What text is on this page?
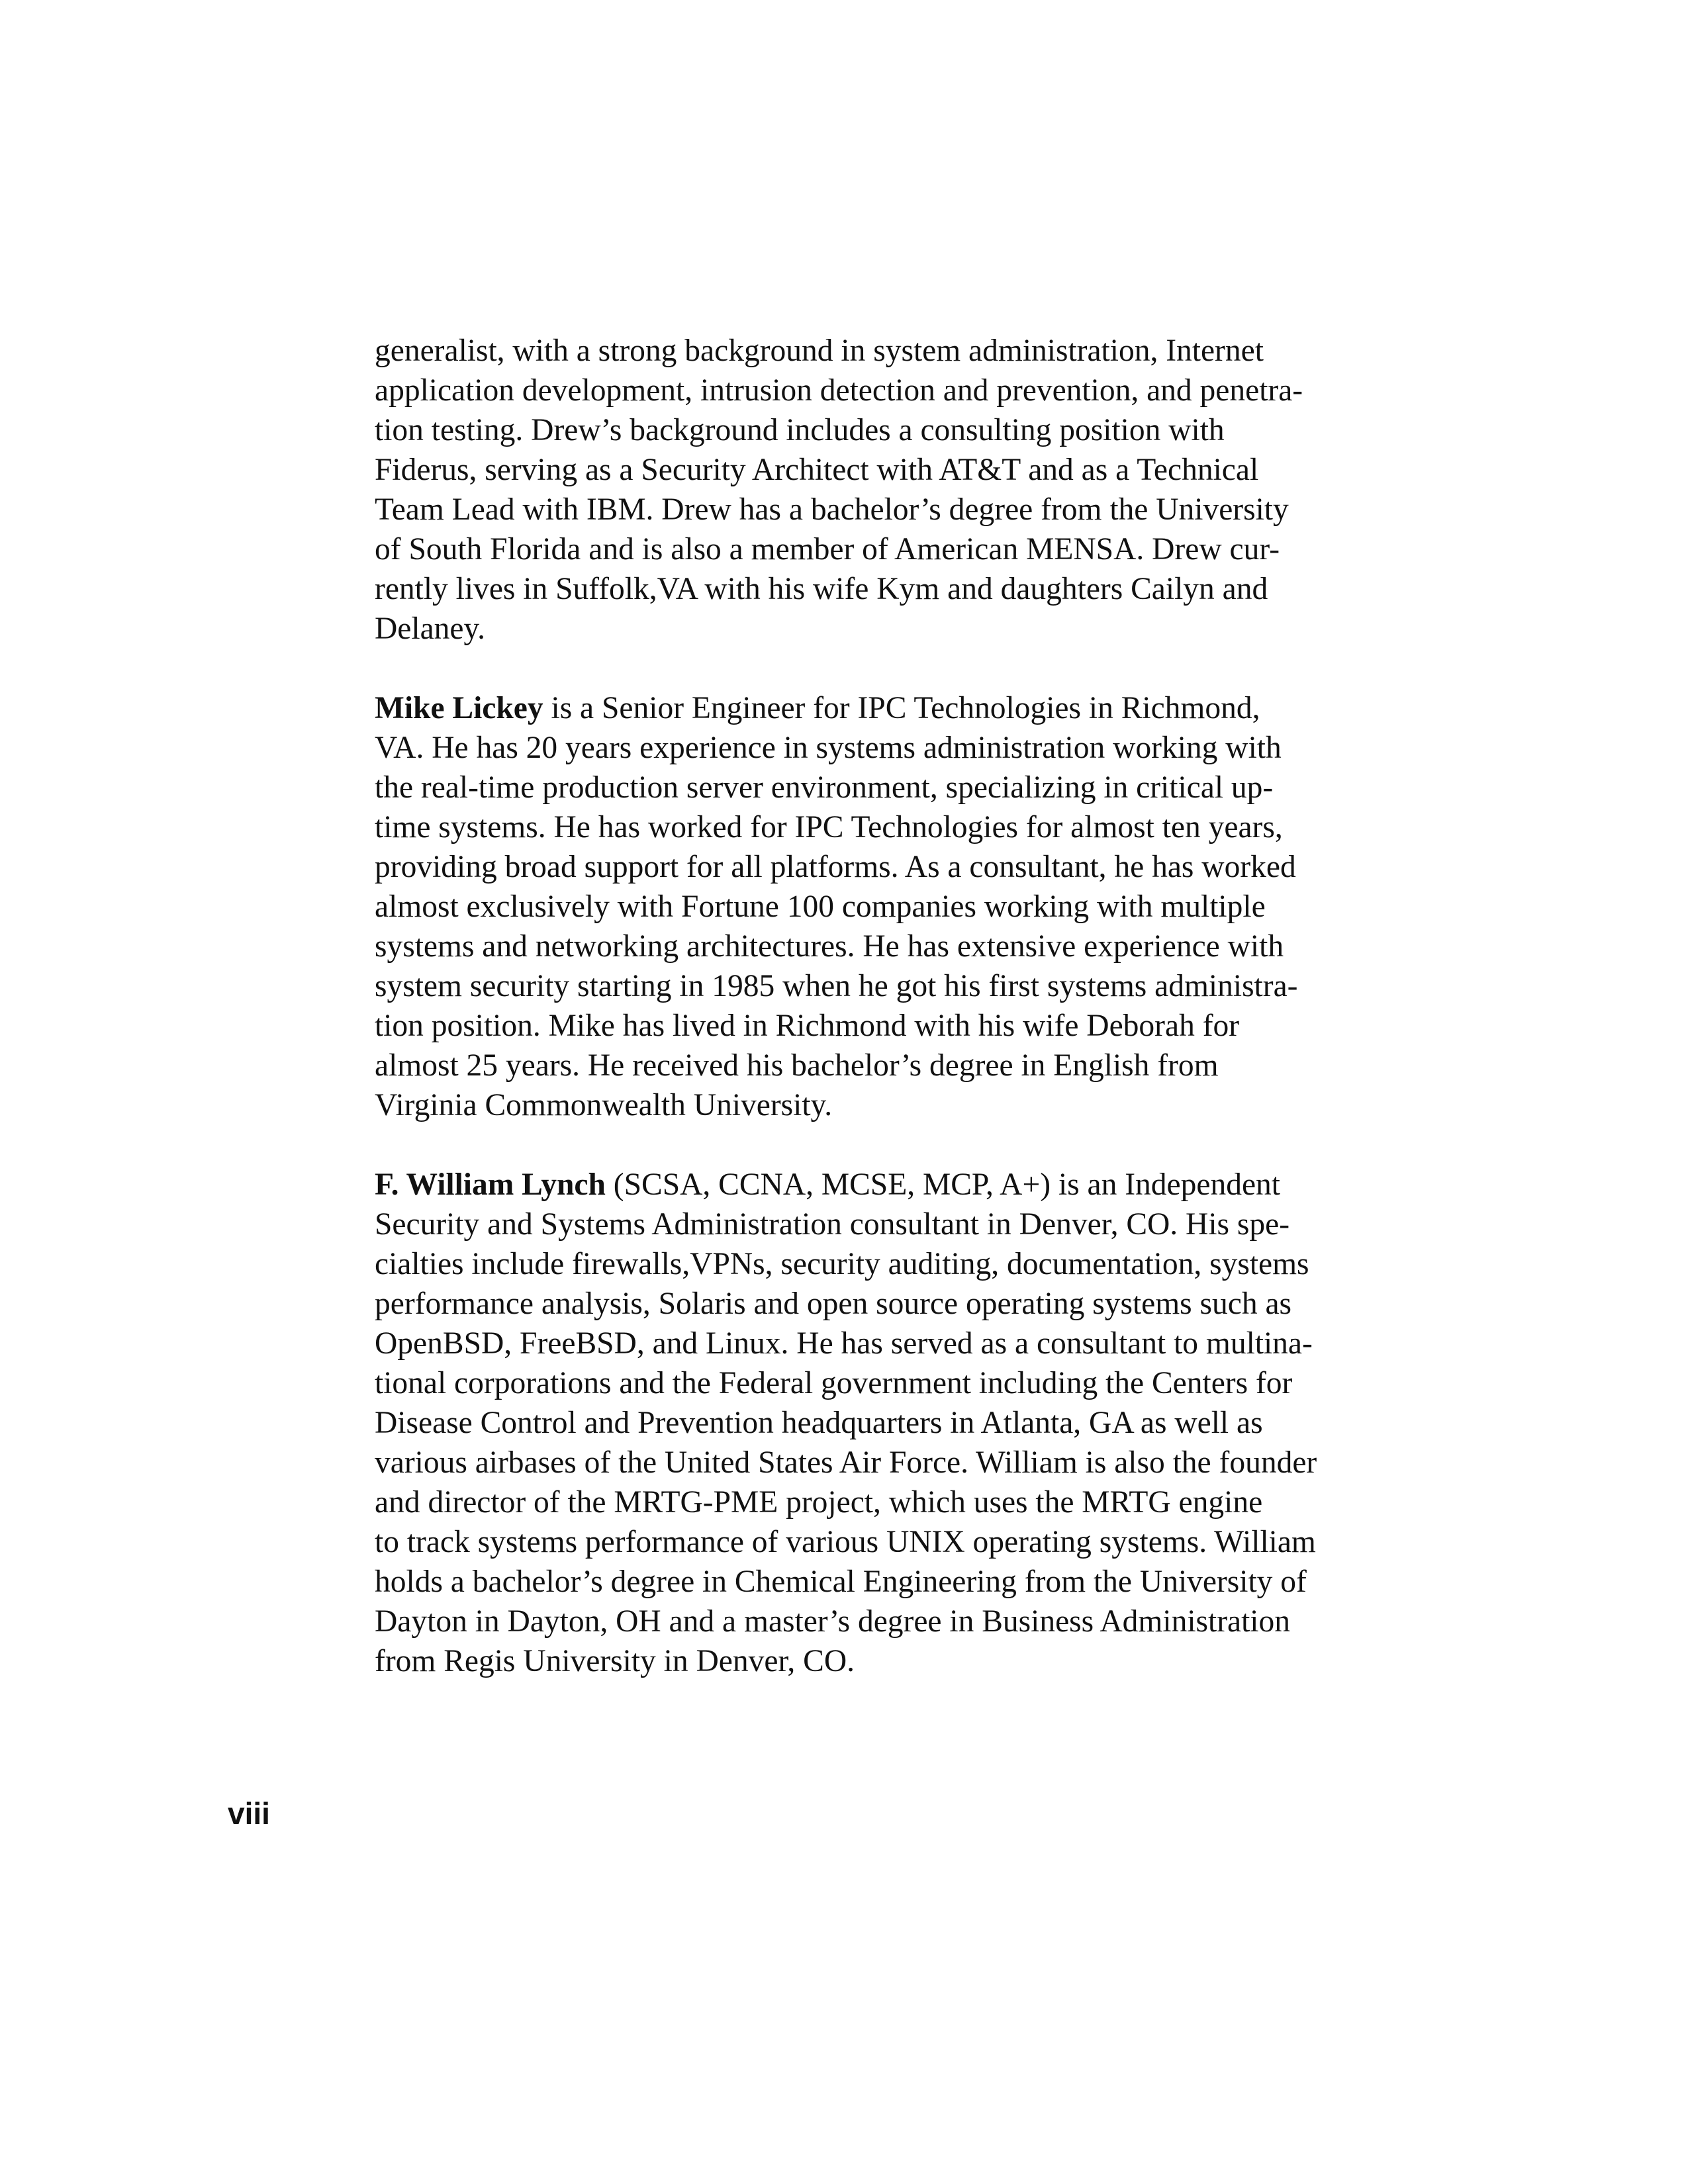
generalist, with a strong background in system administration, Internet
application development, intrusion detection and prevention, and penetra-
tion testing. Drew’s background includes a consulting position with
Fiderus, serving as a Security Architect with AT&T and as a Technical
Team Lead with IBM. Drew has a bachelor’s degree from the University
of South Florida and is also a member of American MENSA. Drew cur-
rently lives in Suffolk,VA with his wife Kym and daughters Cailyn and
Delaney.

Mike Lickey is a Senior Engineer for IPC Technologies in Richmond,
VA. He has 20 years experience in systems administration working with
the real-time production server environment, specializing in critical up-
time systems. He has worked for IPC Technologies for almost ten years,
providing broad support for all platforms. As a consultant, he has worked
almost exclusively with Fortune 100 companies working with multiple
systems and networking architectures. He has extensive experience with
system security starting in 1985 when he got his first systems administra-
tion position. Mike has lived in Richmond with his wife Deborah for
almost 25 years. He received his bachelor’s degree in English from
Virginia Commonwealth University.

F. William Lynch (SCSA, CCNA, MCSE, MCP, A+) is an Independent
Security and Systems Administration consultant in Denver, CO. His spe-
cialties include firewalls,VPNs, security auditing, documentation, systems
performance analysis, Solaris and open source operating systems such as
OpenBSD, FreeBSD, and Linux. He has served as a consultant to multina-
tional corporations and the Federal government including the Centers for
Disease Control and Prevention headquarters in Atlanta, GA as well as
various airbases of the United States Air Force. William is also the founder
and director of the MRTG-PME project, which uses the MRTG engine
to track systems performance of various UNIX operating systems. William
holds a bachelor’s degree in Chemical Engineering from the University of
Dayton in Dayton, OH and a master’s degree in Business Administration
from Regis University in Denver, CO.

viii
